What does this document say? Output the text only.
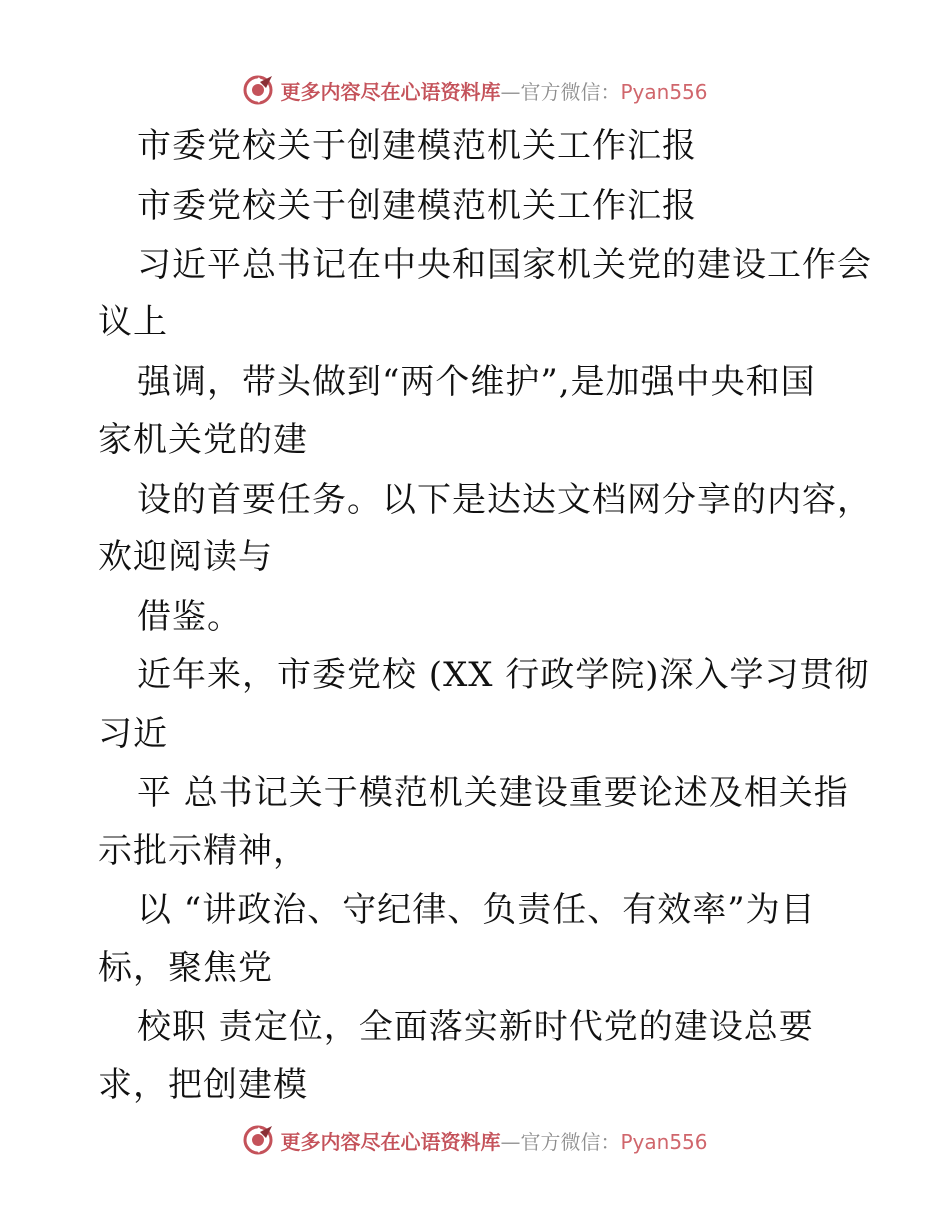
更多内容尽在心语资料库—官方微信：Pyan556
市委党校关于创建模范机关工作汇报
市委党校关于创建模范机关工作汇报
习近平总书记在中央和国家机关党的建设工作会
议上
强调，带头做到“两个维护”,是加强中央和国
家机关党的建
设的首要任务。以下是达达文档网分享的内容，
欢迎阅读与
借鉴。
近年来，市委党校 (XX 行政学院)深入学习贯彻
习近
平 总书记关于模范机关建设重要论述及相关指
示批示精神，
以 “讲政治、守纪律、负责任、有效率”为目
标，聚焦党
校职 责定位，全面落实新时代党的建设总要
求，把创建模
更多内容尽在心语资料库—官方微信：Pyan556
